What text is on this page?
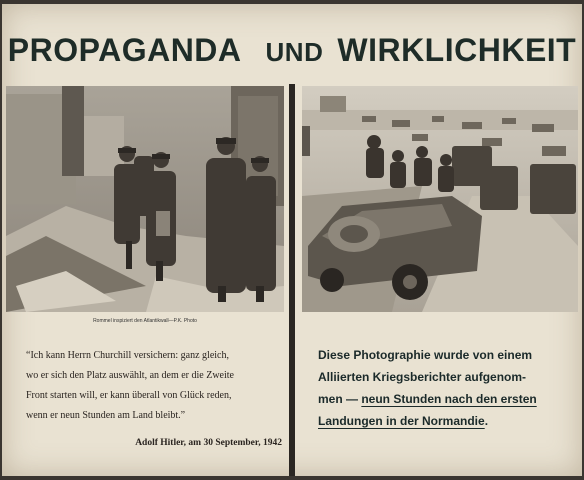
PROPAGANDA UND WIRKLICHKEIT
Rommel inspiziert den Atlantikwall—P.K. Photo
“Ich kann Herrn Churchill versichern: ganz gleich,
wo er sich den Platz auswählt, an dem er die Zweite
Front starten will, er kann überall von Glück reden,
wenn er neun Stunden am Land bleibt.”
Adolf Hitler, am 30 September, 1942
Diese Photographie wurde von einem
Alliierten Kriegsberichter aufgenom-
men — neun Stunden nach den ersten
Landungen in der Normandie.
